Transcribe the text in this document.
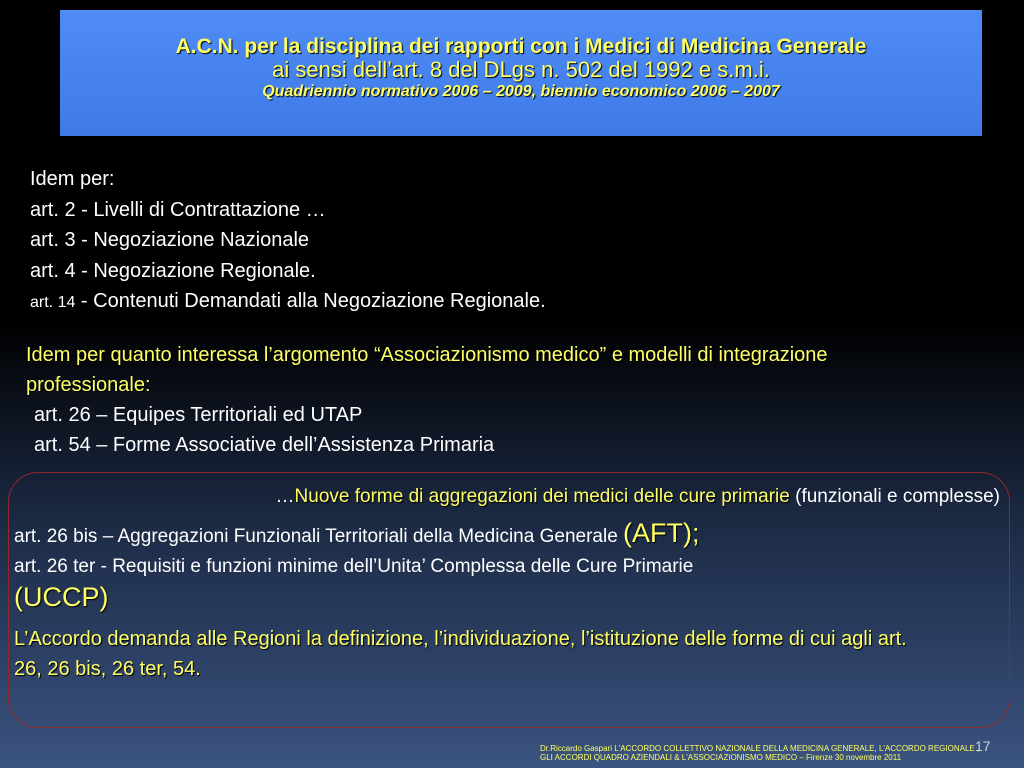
A.C.N. per la disciplina dei rapporti con i Medici di Medicina Generale
ai sensi dell’art. 8 del DLgs n. 502 del 1992 e s.m.i.
Quadriennio normativo 2006 – 2009, biennio economico 2006 – 2007
Idem per:
art. 2 - Livelli di Contrattazione …
art. 3 - Negoziazione Nazionale
art. 4 - Negoziazione Regionale.
art. 14 - Contenuti Demandati alla Negoziazione Regionale.
Idem per quanto interessa l’argomento “Associazionismo medico” e modelli di integrazione professionale:
art. 26 – Equipes Territoriali ed UTAP
art. 54 – Forme Associative dell’Assistenza Primaria
…Nuove forme di aggregazioni dei medici delle cure primarie (funzionali e complesse)
art. 26 bis – Aggregazioni Funzionali Territoriali della Medicina Generale (AFT);
art. 26 ter - Requisiti e funzioni minime dell’Unita’ Complessa delle Cure Primarie
(UCCP)
L’Accordo demanda alle Regioni la definizione, l’individuazione, l’istituzione delle forme di cui agli art. 26, 26 bis, 26 ter, 54.
17
Dr.Riccardo Gaspari L'ACCORDO COLLETTIVO NAZIONALE DELLA MEDICINA GENERALE, L'ACCORDO REGIONALE ,
GLI ACCORDI QUADRO AZIENDALI & L'ASSOCIAZIONISMO MEDICO – Firenze 30 novembre 2011
